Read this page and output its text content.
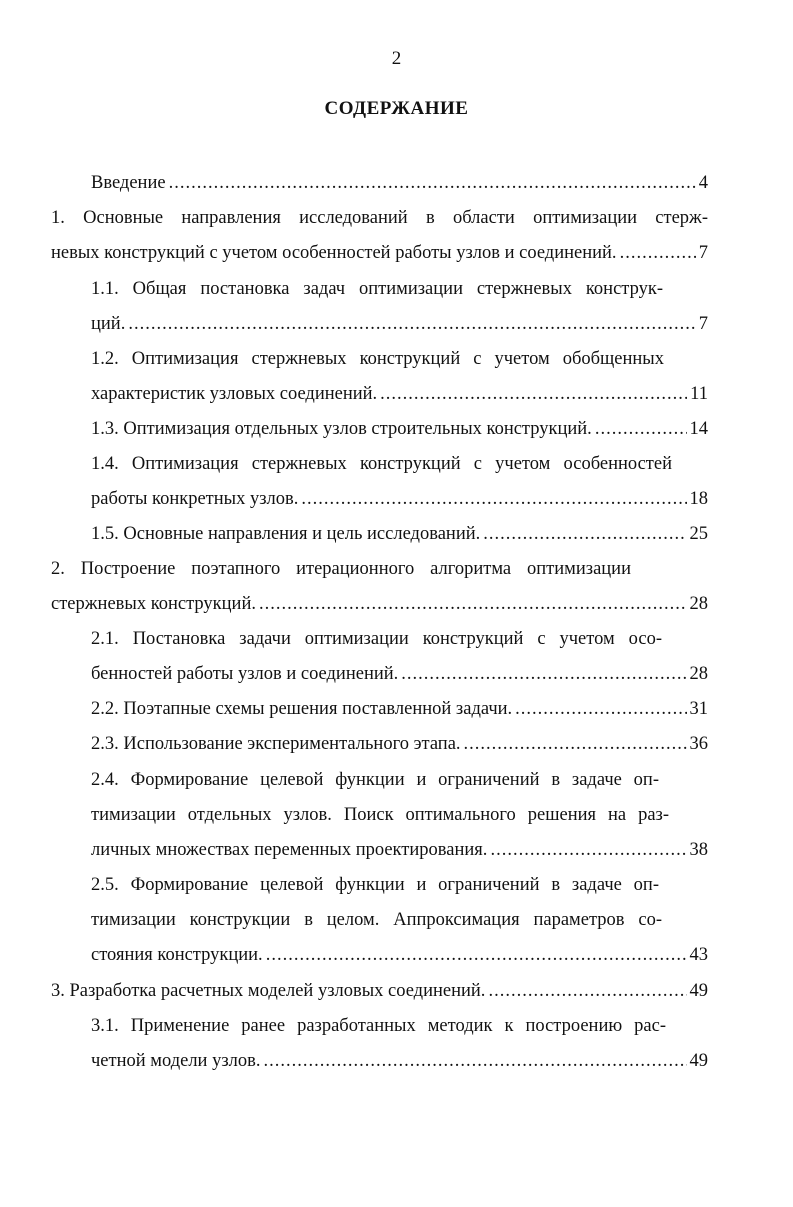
2
СОДЕРЖАНИЕ
Введение .....	4
1. Основные направления исследований в области оптимизации стерж-
невых конструкций с учетом особенностей работы узлов и соединений. .....	7
1.1. Общая постановка задач оптимизации стержневых конструк-
ций. .....	7
1.2. Оптимизация стержневых конструкций с учетом обобщенных
характеристик узловых соединений. .....	11
1.3. Оптимизация отдельных узлов строительных конструкций. .....	14
1.4. Оптимизация стержневых конструкций с учетом особенностей
работы конкретных узлов. .....	18
1.5. Основные направления и цель исследований. .....	25
2. Построение поэтапного итерационного алгоритма оптимизации
стержневых конструкций. .....	28
2.1. Постановка задачи оптимизации конструкций с учетом осо-
бенностей работы узлов и соединений. .....	28
2.2. Поэтапные схемы решения поставленной задачи. .....	31
2.3. Использование экспериментального этапа. .....	36
2.4. Формирование целевой функции и ограничений в задаче оп-
тимизации отдельных узлов. Поиск оптимального решения на раз-
личных множествах переменных проектирования. .....	38
2.5. Формирование целевой функции и ограничений в задаче оп-
тимизации конструкции в целом. Аппроксимация параметров со-
стояния конструкции. .....	43
3. Разработка расчетных моделей узловых соединений. .....	49
3.1. Применение ранее разработанных методик к построению рас-
четной модели узлов. .....	49
